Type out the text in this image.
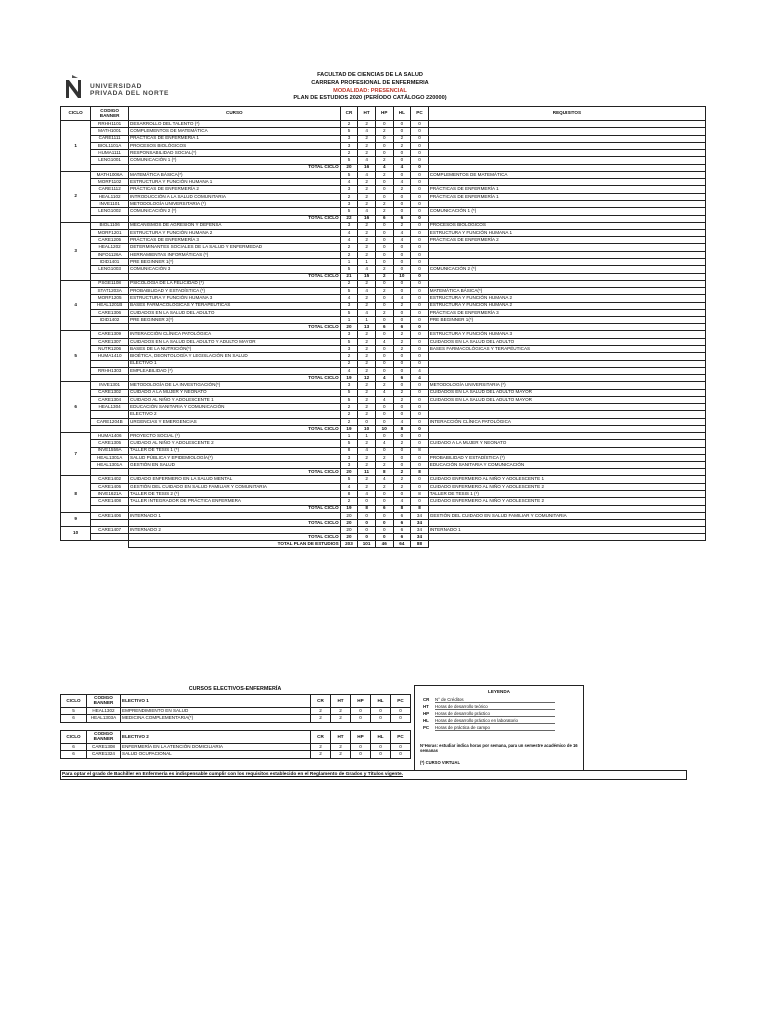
UNIVERSIDAD
PRIVADA DEL NORTE
FACULTAD DE CIENCIAS DE LA SALUD
CARRERA PROFESIONAL DE ENFERMERIA
MODALIDAD: PRESENCIAL
PLAN DE ESTUDIOS 2020 (PERÍODO CATÁLOGO 220000)
CICLO	CODIGO BANNER	CURSO	CR	HT	HP	HL	PC	REQUISITOS
1	RRHH1101	DESARROLLO DEL TALENTO (*)	2	2	0	0	0	
	MATH1001	COMPLEMENTOS DE MATEMÁTICA	5	4	2	0	0	
	CARE1111	PRÁCTICAS DE ENFERMERÍA 1	3	2	0	2	0	
	BIOL1101A	PROCESOS BIOLÓGICOS	3	2	0	2	0	
	HUMA1111	RESPONSABILIDAD SOCIAL(*)	2	2	0	0	0	
	LENG1001	COMUNICACIÓN 1 (*)	5	4	2	0	0	
		TOTAL CICLO	20	16	4	4	0	
2	MATH1006A	MATEMÁTICA BÁSICA(*)	5	4	2	0	0	COMPLEMENTOS DE MATEMÁTICA
	MORF1102	ESTRUCTURA Y FUNCIÓN HUMANA 1	4	2	0	4	0	
	CARE1112	PRÁCTICAS DE ENFERMERÍA 2	3	2	0	2	0	PRÁCTICAS DE ENFERMERÍA 1
	HEAL1102	INTRODUCCIÓN A LA SALUD COMUNITARIA	2	2	0	0	0	PRÁCTICAS DE ENFERMERÍA 1
	INVE1101	METODOLOGÍA UNIVERSITARIA (*)	3	2	2	0	0	
	LENG1002	COMUNICACIÓN 2 (*)	5	4	2	0	0	COMUNICACIÓN 1 (*)
		TOTAL CICLO	22	16	6	6	0	
3	BIOL1106	MECANISMOS DE AGRESIÓN Y DEFENSA	3	2	0	2	0	PROCESOS BIOLÓGICOS
	MORF1201	ESTRUCTURA Y FUNCIÓN HUMANA 2	4	2	0	4	0	ESTRUCTURA Y FUNCIÓN HUMANA 1
	CARE1205	PRÁCTICAS DE ENFERMERÍA 3	4	2	0	4	0	PRÁCTICAS DE ENFERMERÍA 2
	HEAL1202	DETERMINANTES SOCIALES DE LA SALUD Y ENFERMEDAD	2	2	0	0	0	
	INFO1126A	HERRAMIENTAS INFORMÁTICAS (*)	2	2	0	0	0	
	IDID1401	PRE BEGINNER 1(*)	1	1	0	0	0	
	LENG1003	COMUNICACIÓN 3	5	4	2	0	0	COMUNICACIÓN 2 (*)
		TOTAL CICLO	21	15	2	10	0	
4	PSGE1108	PSICOLOGÍA DE LA FELICIDAD (*)	2	2	0	0	0	
	STAT1203A	PROBABILIDAD Y ESTADÍSTICA (*)	5	4	2	0	0	MATEMÁTICA BÁSICA(*)
	MORF1205	ESTRUCTURA Y FUNCIÓN HUMANA 3	4	2	0	4	0	ESTRUCTURA Y FUNCIÓN HUMANA 2
	HEAL1201B	BASES FARMACOLÓGICAS Y TERAPÉUTICAS	3	2	0	2	0	ESTRUCTURA Y FUNCIÓN HUMANA 2
	CARE1306	CUIDADOS EN LA SALUD DEL ADULTO	5	4	2	0	0	PRÁCTICAS DE ENFERMERÍA 3
	IDID1402	PRE BEGINNER 2(*)	1	1	0	0	0	PRE BEGINNER 1(*)
		TOTAL CICLO	20	13	6	6	0	
5	CARE1309	INTERACCIÓN CLÍNICA PATOLÓGICA	3	2	0	2	0	ESTRUCTURA Y FUNCIÓN HUMANA 3
	CARE1307	CUIDADOS EN LA SALUD DEL ADULTO Y ADULTO MAYOR	5	2	4	2	0	CUIDADOS EN LA SALUD DEL ADULTO
	NUTR1206	BASES DE LA NUTRICIÓN(*)	3	2	0	2	0	BASES FARMACOLÓGICAS Y TERAPÉUTICAS
	HUMA1410	BIOÉTICA, DEONTOLOGÍA Y LEGISLACIÓN EN SALUD	2	2	0	0	0	
		ELECTIVO 1	2	2	0	0	0	
	RRHH1303	EMPLEABILIDAD (*)	4	2	0	0	4	
		TOTAL CICLO	19	12	4	6	4	
6	INVE1301	METODOLOGÍA DE LA INVESTIGACIÓN(*)	3	2	2	0	0	METODOLOGÍA UNIVERSITARIA (*)
	CARE1302	CUIDADO A LA MUJER Y NEONATO	5	2	4	2	0	CUIDADOS EN LA SALUD DEL ADULTO MAYOR
	CARE1304	CUIDADO AL NIÑO Y ADOLESCENTE 1	5	2	4	2	0	CUIDADOS EN LA SALUD DEL ADULTO MAYOR
	HEAL1304	EDUCACIÓN SANITARIA Y COMUNICACIÓN	2	2	0	0	0	
		ELECTIVO 2	2	2	0	0	0	
	CARE1204B	URGENCIAS Y EMERGENCIAS	2	0	0	4	0	INTERACCIÓN CLÍNICA PATOLÓGICA
		TOTAL CICLO	19	10	10	8	0	
7	HUMA1406	PROYECTO SOCIAL (*)	1	1	0	0	0	
	CARE1305	CUIDADO AL NIÑO Y ADOLESCENTE 2	5	2	4	2	0	CUIDADO A LA MUJER Y NEONATO
	INVE1559A	TALLER DE TESIS 1 (*)	8	4	0	0	8	
	HEAL1301A	SALUD PÚBLICA Y EPIDEMIOLOGÍA(*)	3	2	2	0	0	PROBABILIDAD Y ESTADÍSTICA (*)
	HEAL1301A	GESTIÓN EN SALUD	3	2	2	0	0	EDUCACIÓN SANITARIA Y COMUNICACIÓN
		TOTAL CICLO	20	11	8	2	8	
8	CARE1402	CUIDADO ENFERMERO EN LA SALUD MENTAL	5	2	4	2	0	CUIDADO ENFERMERO AL NIÑO Y ADOLESCENTE 1
	CARE1405	GESTIÓN DEL CUIDADO EN SALUD FAMILIAR Y COMUNITARIA	4	2	2	2	0	CUIDADO ENFERMERO AL NIÑO Y ADOLESCENTE 2
	INVE1621A	TALLER DE TESIS 2 (*)	8	4	0	0	8	TALLER DE TESIS 1 (*)
	CARE1408	TALLER INTEGRADOR DE PRÁCTICA ENFERMERA	2	0	0	4	0	CUIDADO ENFERMERO AL NIÑO Y ADOLESCENTE 2
		TOTAL CICLO	19	8	6	8	8	
9	CARE1406	INTERNADO 1	20	0	0	6	34	GESTIÓN DEL CUIDADO EN SALUD FAMILIAR Y COMUNITARIA
		TOTAL CICLO	20	0	0	6	34	
10	CARE1407	INTERNADO 2	20	0	0	6	34	INTERNADO 1
		TOTAL CICLO	20	0	0	6	34	
		TOTAL PLAN DE ESTUDIOS	203	101	46	64	88	
CURSOS ELECTIVOS-ENFERMERÍA
CICLO	CODIGO BANNER	ELECTIVO 1	CR	HT	HP	HL	PC
5	HEAL1302	EMPRENDIMIENTO EN SALUD	2	2	0	0	0
6	HEAL1303A	MEDICINA COMPLEMENTARIA(*)	2	2	0	0	0
CICLO	CODIGO BANNER	ELECTIVO 2	CR	HT	HP	HL	PC
6	CARE1308	ENFERMERÍA EN LA ATENCIÓN DOMICILIARIA	2	2	0	0	0
6	CARE1324	SALUD OCUPACIONAL	2	2	0	0	0
LEYENDA
CR N° de Créditos
HT Horas de desarrollo teórico
HP Horas de desarrollo práctico
HL Horas de desarrollo práctico en laboratorio
PC Horas de práctica de campo
N°Horas: estudiar indica horas por semana, para un semestre académico de 16 semanas
(*) CURSO VIRTUAL
Para optar el grado de Bachiller en Enfermería es indispensable cumplir con los requisitos establecido en el Reglamento de Grados y Títulos vigente.
